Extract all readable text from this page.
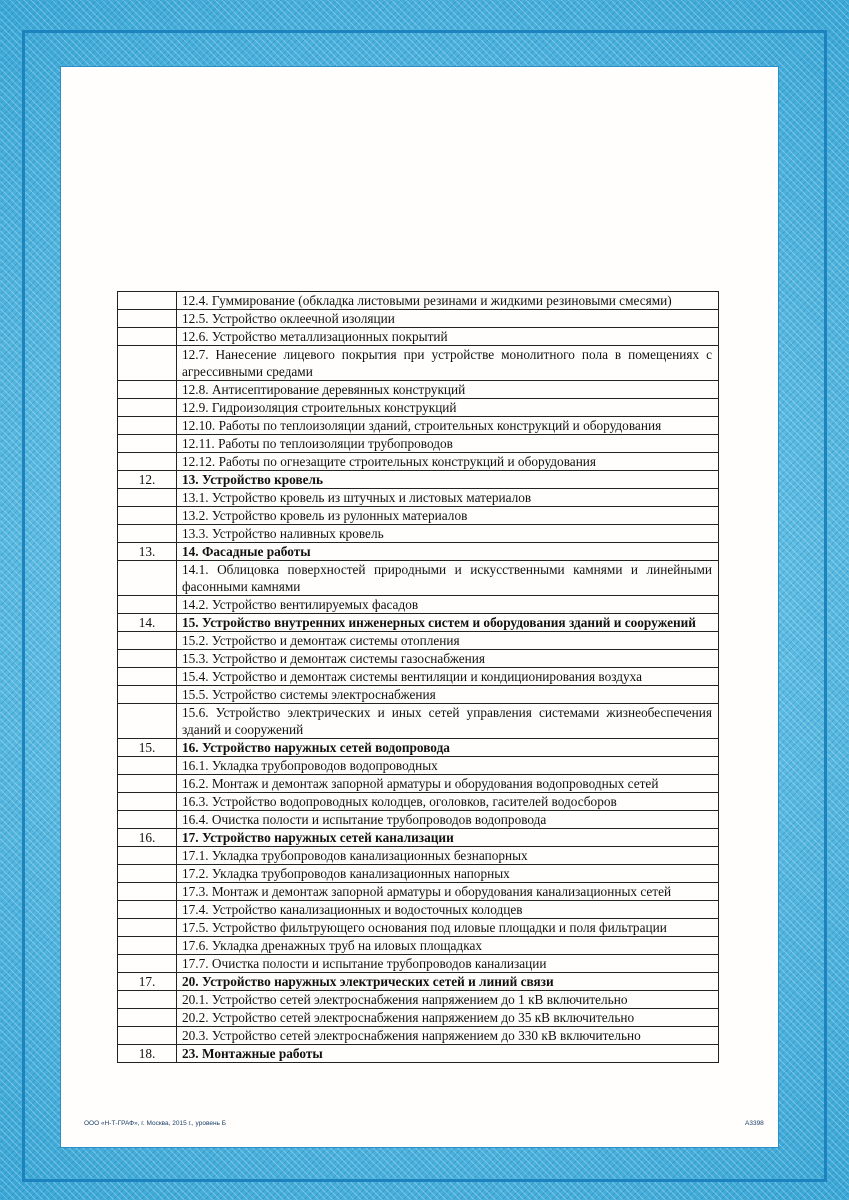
	12.4. Гуммирование (обкладка листовыми резинами и жидкими резиновыми смесями)
	12.5. Устройство оклеечной изоляции
	12.6. Устройство металлизационных покрытий
	12.7. Нанесение лицевого покрытия при устройстве монолитного пола в помещениях с агрессивными средами
	12.8. Антисептирование деревянных конструкций
	12.9. Гидроизоляция строительных конструкций
	12.10. Работы по теплоизоляции зданий, строительных конструкций и оборудования
	12.11. Работы по теплоизоляции трубопроводов
	12.12. Работы по огнезащите строительных конструкций и оборудования
12.	13. Устройство кровель
	13.1. Устройство кровель из штучных и листовых материалов
	13.2. Устройство кровель из рулонных материалов
	13.3. Устройство наливных кровель
13.	14. Фасадные работы
	14.1. Облицовка поверхностей природными и искусственными камнями и линейными фасонными камнями
	14.2. Устройство вентилируемых фасадов
14.	15. Устройство внутренних инженерных систем и оборудования зданий и сооружений
	15.2. Устройство и демонтаж системы отопления
	15.3. Устройство и демонтаж системы газоснабжения
	15.4. Устройство и демонтаж системы вентиляции и кондиционирования воздуха
	15.5. Устройство системы электроснабжения
	15.6. Устройство электрических и иных сетей управления системами жизнеобеспечения зданий и сооружений
15.	16. Устройство наружных сетей водопровода
	16.1. Укладка трубопроводов водопроводных
	16.2. Монтаж и демонтаж запорной арматуры и оборудования водопроводных сетей
	16.3. Устройство водопроводных колодцев, оголовков, гасителей водосборов
	16.4. Очистка полости и испытание трубопроводов водопровода
16.	17. Устройство наружных сетей канализации
	17.1. Укладка трубопроводов канализационных безнапорных
	17.2. Укладка трубопроводов канализационных напорных
	17.3. Монтаж и демонтаж запорной арматуры и оборудования канализационных сетей
	17.4. Устройство канализационных и водосточных колодцев
	17.5. Устройство фильтрующего основания под иловые площадки и поля фильтрации
	17.6. Укладка дренажных труб на иловых площадках
	17.7. Очистка полости и испытание трубопроводов канализации
17.	20. Устройство наружных электрических сетей и линий связи
	20.1. Устройство сетей электроснабжения напряжением до 1 кВ включительно
	20.2. Устройство сетей электроснабжения напряжением до 35 кВ включительно
	20.3. Устройство сетей электроснабжения напряжением до 330 кВ включительно
18.	23. Монтажные работы
ООО «Н-Т-ГРАФ», г. Москва, 2015 г., уровень Б	А3398
